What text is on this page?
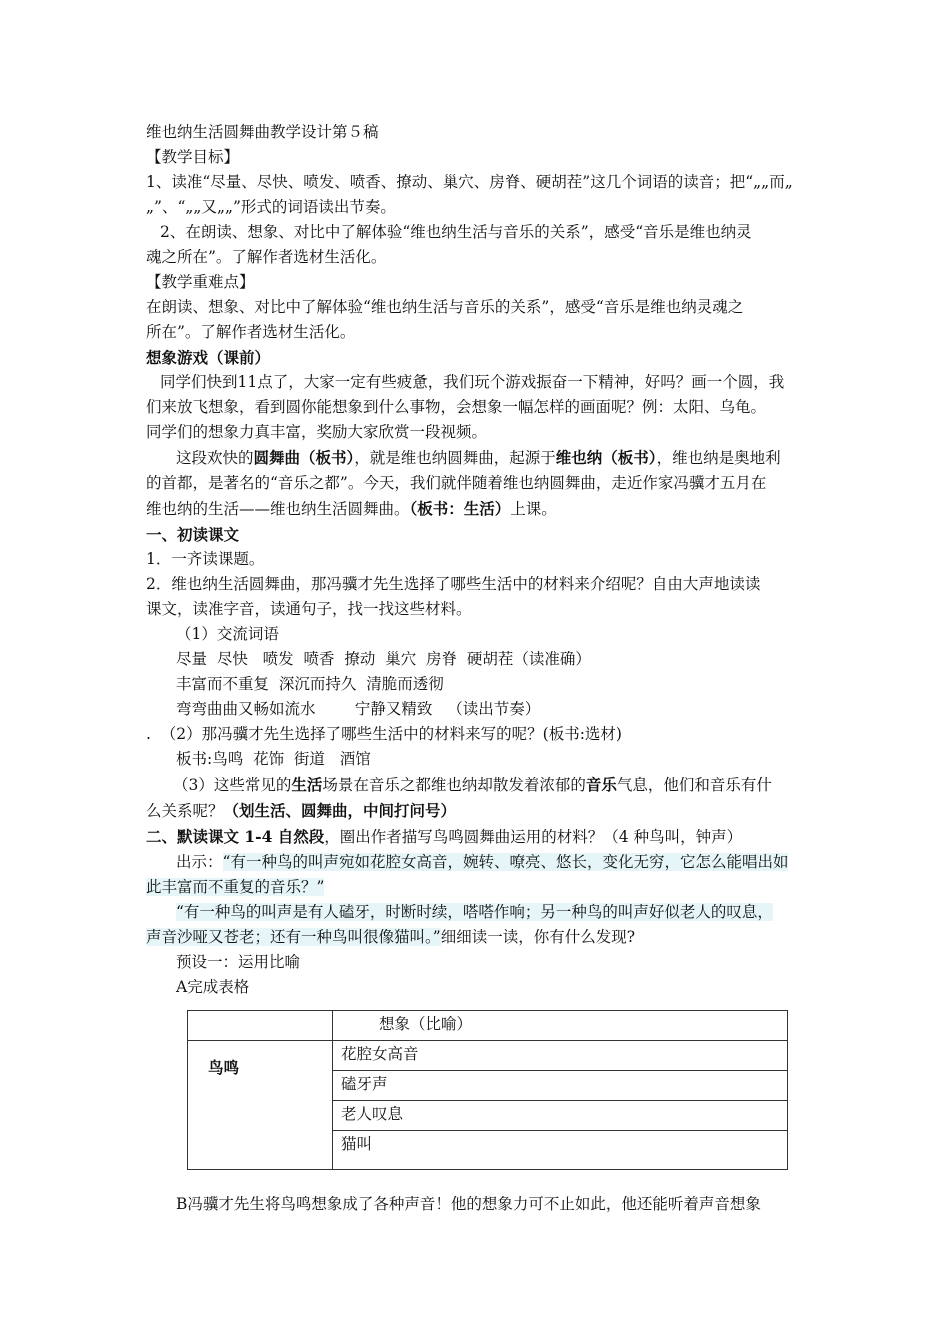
维也纳生活圆舞曲教学设计第５稿
【教学目标】
1、读准“尽量、尽快、喷发、喷香、撩动、巢穴、房脊、硬胡茬”这几个词语的读音；把“„„而„
„”、“„„又„„”形式的词语读出节奏。
2、在朗读、想象、对比中了解体验“维也纳生活与音乐的关系”，感受“音乐是维也纳灵
魂之所在”。了解作者选材生活化。
【教学重难点】
在朗读、想象、对比中了解体验“维也纳生活与音乐的关系”，感受“音乐是维也纳灵魂之
所在”。了解作者选材生活化。
想象游戏（课前）
同学们快到11点了，大家一定有些疲惫，我们玩个游戏振奋一下精神，好吗？画一个圆，我
们来放飞想象，看到圆你能想象到什么事物，会想象一幅怎样的画面呢？例：太阳、乌龟。
同学们的想象力真丰富，奖励大家欣赏一段视频。
这段欢快的圆舞曲（板书），就是维也纳圆舞曲，起源于维也纳（板书），维也纳是奥地利
的首都，是著名的“音乐之都”。今天，我们就伴随着维也纳圆舞曲，走近作家冯骥才五月在
维也纳的生活——维也纳生活圆舞曲。（板书：生活）上课。
一、初读课文
1．一齐读课题。
2．维也纳生活圆舞曲，那冯骥才先生选择了哪些生活中的材料来介绍呢？自由大声地读读
课文，读准字音，读通句子，找一找这些材料。
（1）交流词语
尽量  尽快   喷发  喷香  撩动  巢穴  房脊  硬胡茬（读准确）
丰富而不重复  深沉而持久  清脆而透彻
弯弯曲曲又畅如流水        宁静又精致   （读出节奏）
.  （2）那冯骥才先生选择了哪些生活中的材料来写的呢？(板书:选材)
板书:鸟鸣  花饰  街道   酒馆
（3）这些常见的生活场景在音乐之都维也纳却散发着浓郁的音乐气息，他们和音乐有什
么关系呢？（划生活、圆舞曲，中间打问号）
二、默读课文 1-4 自然段，圈出作者描写鸟鸣圆舞曲运用的材料？（4 种鸟叫，钟声）
出示：“有一种鸟的叫声宛如花腔女高音，婉转、嘹亮、悠长，变化无穷，它怎么能唱出如
此丰富而不重复的音乐？”
“有一种鸟的叫声是有人磕牙，时断时续，嗒嗒作响；另一种鸟的叫声好似老人的叹息，
声音沙哑又苍老；还有一种鸟叫很像猫叫。”细细读一读，你有什么发现?
预设一：运用比喻
A完成表格
	想象（比喻）
鸟鸣	花腔女高音
	磕牙声
	老人叹息
	猫叫
B冯骥才先生将鸟鸣想象成了各种声音！他的想象力可不止如此，他还能听着声音想象
